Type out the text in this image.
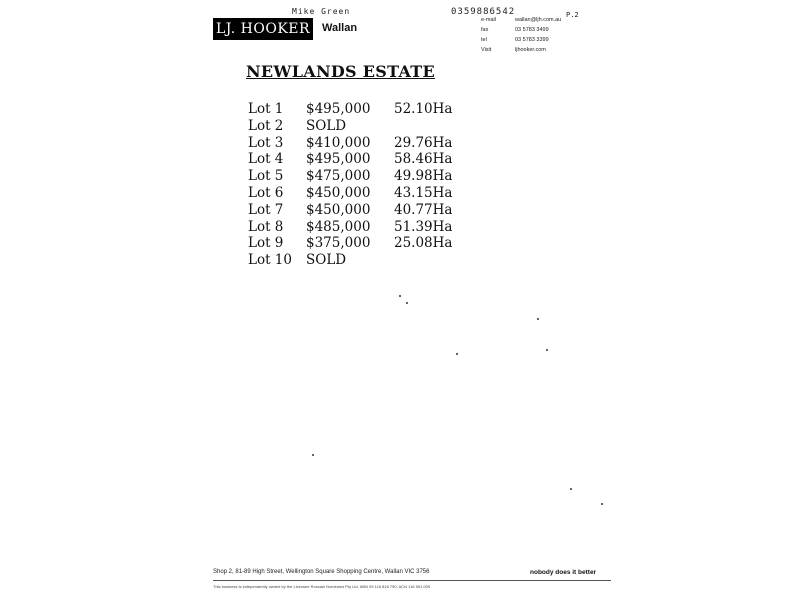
Mike Green	0359886542	P.2
LJ. HOOKER Wallan
e-mail	wallan@ljh.com.au
fax	03 5783 3499
tel	03 5783 3399
Visit	ljhooker.com
NEWLANDS ESTATE
Lot 1 $495,000 52.10Ha
Lot 2 SOLD
Lot 3 $410,000 29.76Ha
Lot 4 $495,000 58.46Ha
Lot 5 $475,000 49.98Ha
Lot 6 $450,000 43.15Ha
Lot 7 $450,000 40.77Ha
Lot 8 $485,000 51.39Ha
Lot 9 $375,000 25.08Ha
Lot 10 SOLD
Shop 2, 81-89 High Street, Wellington Square Shopping Centre, Wallan VIC 3756	nobody does it better
This business is independently owned by the Licensee Rossian Nominees Pty Ltd. ABN 99 116 816 790, ACN 116 551 009
